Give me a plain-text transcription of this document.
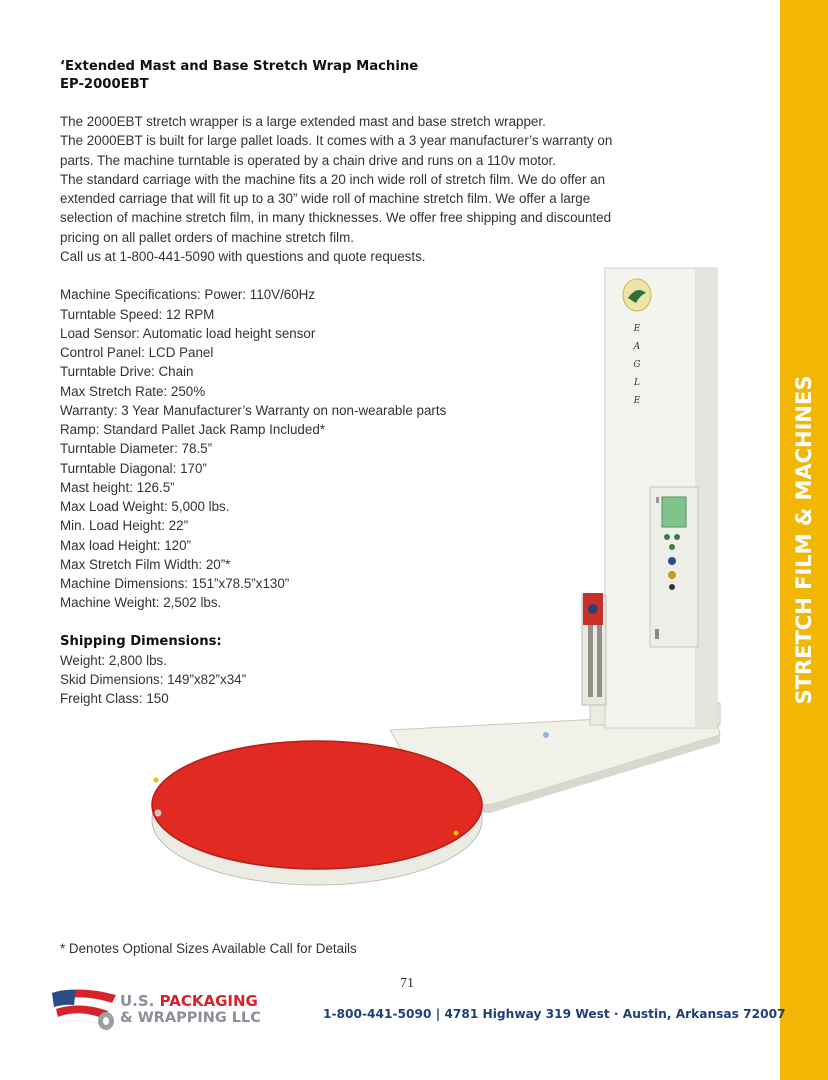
STRETCH FILM & MACHINES
E
A
G
L
E
‘Extended Mast and Base Stretch Wrap Machine
EP-2000EBT
The 2000EBT stretch wrapper is a large extended mast and base stretch wrapper.
The 2000EBT is built for large pallet loads. It comes with a 3 year manufacturer’s warranty on
parts. The machine turntable is operated by a chain drive and runs on a 110v motor.
The standard carriage with the machine fits a 20 inch wide roll of stretch film. We do offer an
extended carriage that will fit up to a 30” wide roll of machine stretch film. We offer a large
selection of machine stretch film, in many thicknesses. We offer free shipping and discounted
pricing on all pallet orders of machine stretch film.
Call us at 1-800-441-5090 with questions and quote requests.
Machine Specifications: Power: 110V/60Hz
Turntable Speed: 12 RPM
Load Sensor: Automatic load height sensor
Control Panel: LCD Panel
Turntable Drive: Chain
Max Stretch Rate: 250%
Warranty: 3 Year Manufacturer’s Warranty on non-wearable parts
Ramp: Standard Pallet Jack Ramp Included*
Turntable Diameter: 78.5”
Turntable Diagonal: 170”
Mast height: 126.5”
Max Load Weight: 5,000 lbs.
Min. Load Height: 22”
Max load Height: 120”
Max Stretch Film Width: 20”*
Machine Dimensions: 151”x78.5”x130”
Machine Weight: 2,502 lbs.
Shipping Dimensions:
Weight: 2,800 lbs.
Skid Dimensions: 149”x82”x34”
Freight Class: 150
* Denotes Optional Sizes Available Call for Details
71
U.S. PACKAGING
& WRAPPING LLC	1-800-441-5090 | 4781 Highway 319 West · Austin, Arkansas 72007
